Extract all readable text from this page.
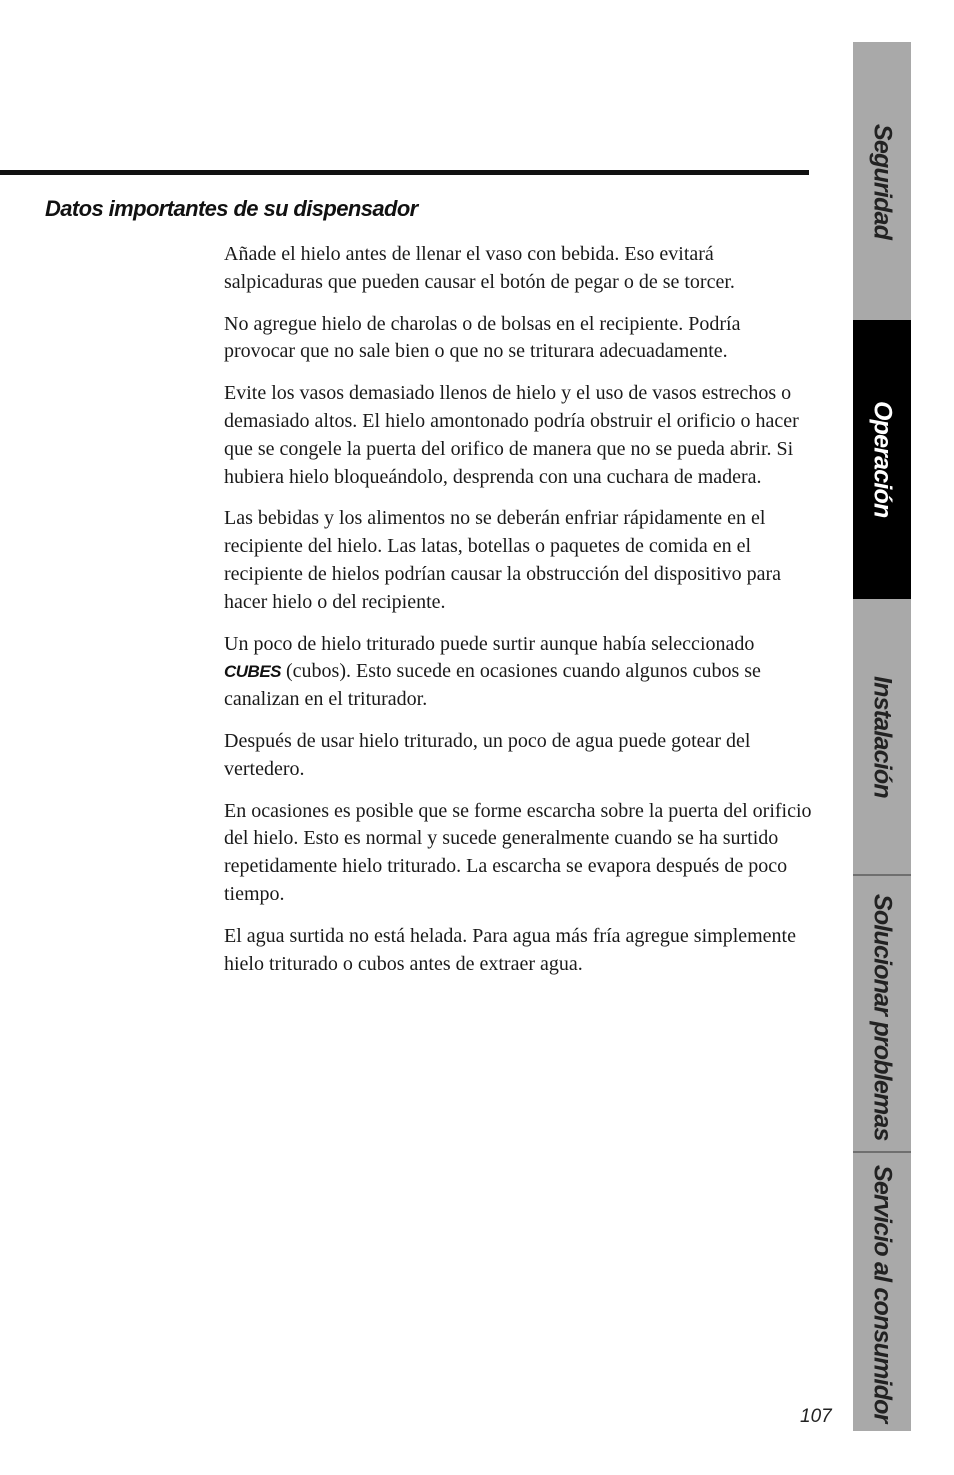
Datos importantes de su dispensador

Añade el hielo antes de llenar el vaso con bebida. Eso evitará salpicaduras que pueden causar el botón de pegar o de se torcer.

No agregue hielo de charolas o de bolsas en el recipiente. Podría provocar que no sale bien o que no se triturara adecuadamente.

Evite los vasos demasiado llenos de hielo y el uso de vasos estrechos o demasiado altos. El hielo amontonado podría obstruir el orificio o hacer que se congele la puerta del orifico de manera que no se pueda abrir. Si hubiera hielo bloqueándolo, desprenda con una cuchara de madera.

Las bebidas y los alimentos no se deberán enfriar rápidamente en el recipiente del hielo. Las latas, botellas o paquetes de comida en el recipiente de hielos podrían causar la obstrucción del dispositivo para hacer hielo o del recipiente.

Un poco de hielo triturado puede surtir aunque había seleccionado CUBES (cubos). Esto sucede en ocasiones cuando algunos cubos se canalizan en el triturador.

Después de usar hielo triturado, un poco de agua puede gotear del vertedero.

En ocasiones es posible que se forme escarcha sobre la puerta del orificio del hielo. Esto es normal y sucede generalmente cuando se ha surtido repetidamente hielo triturado. La escarcha se evapora después de poco tiempo.

El agua surtida no está helada. Para agua más fría agregue simplemente hielo triturado o cubos antes de extraer agua.

Seguridad
Operación
Instalación
Solucionar problemas
Servicio al consumidor
107
